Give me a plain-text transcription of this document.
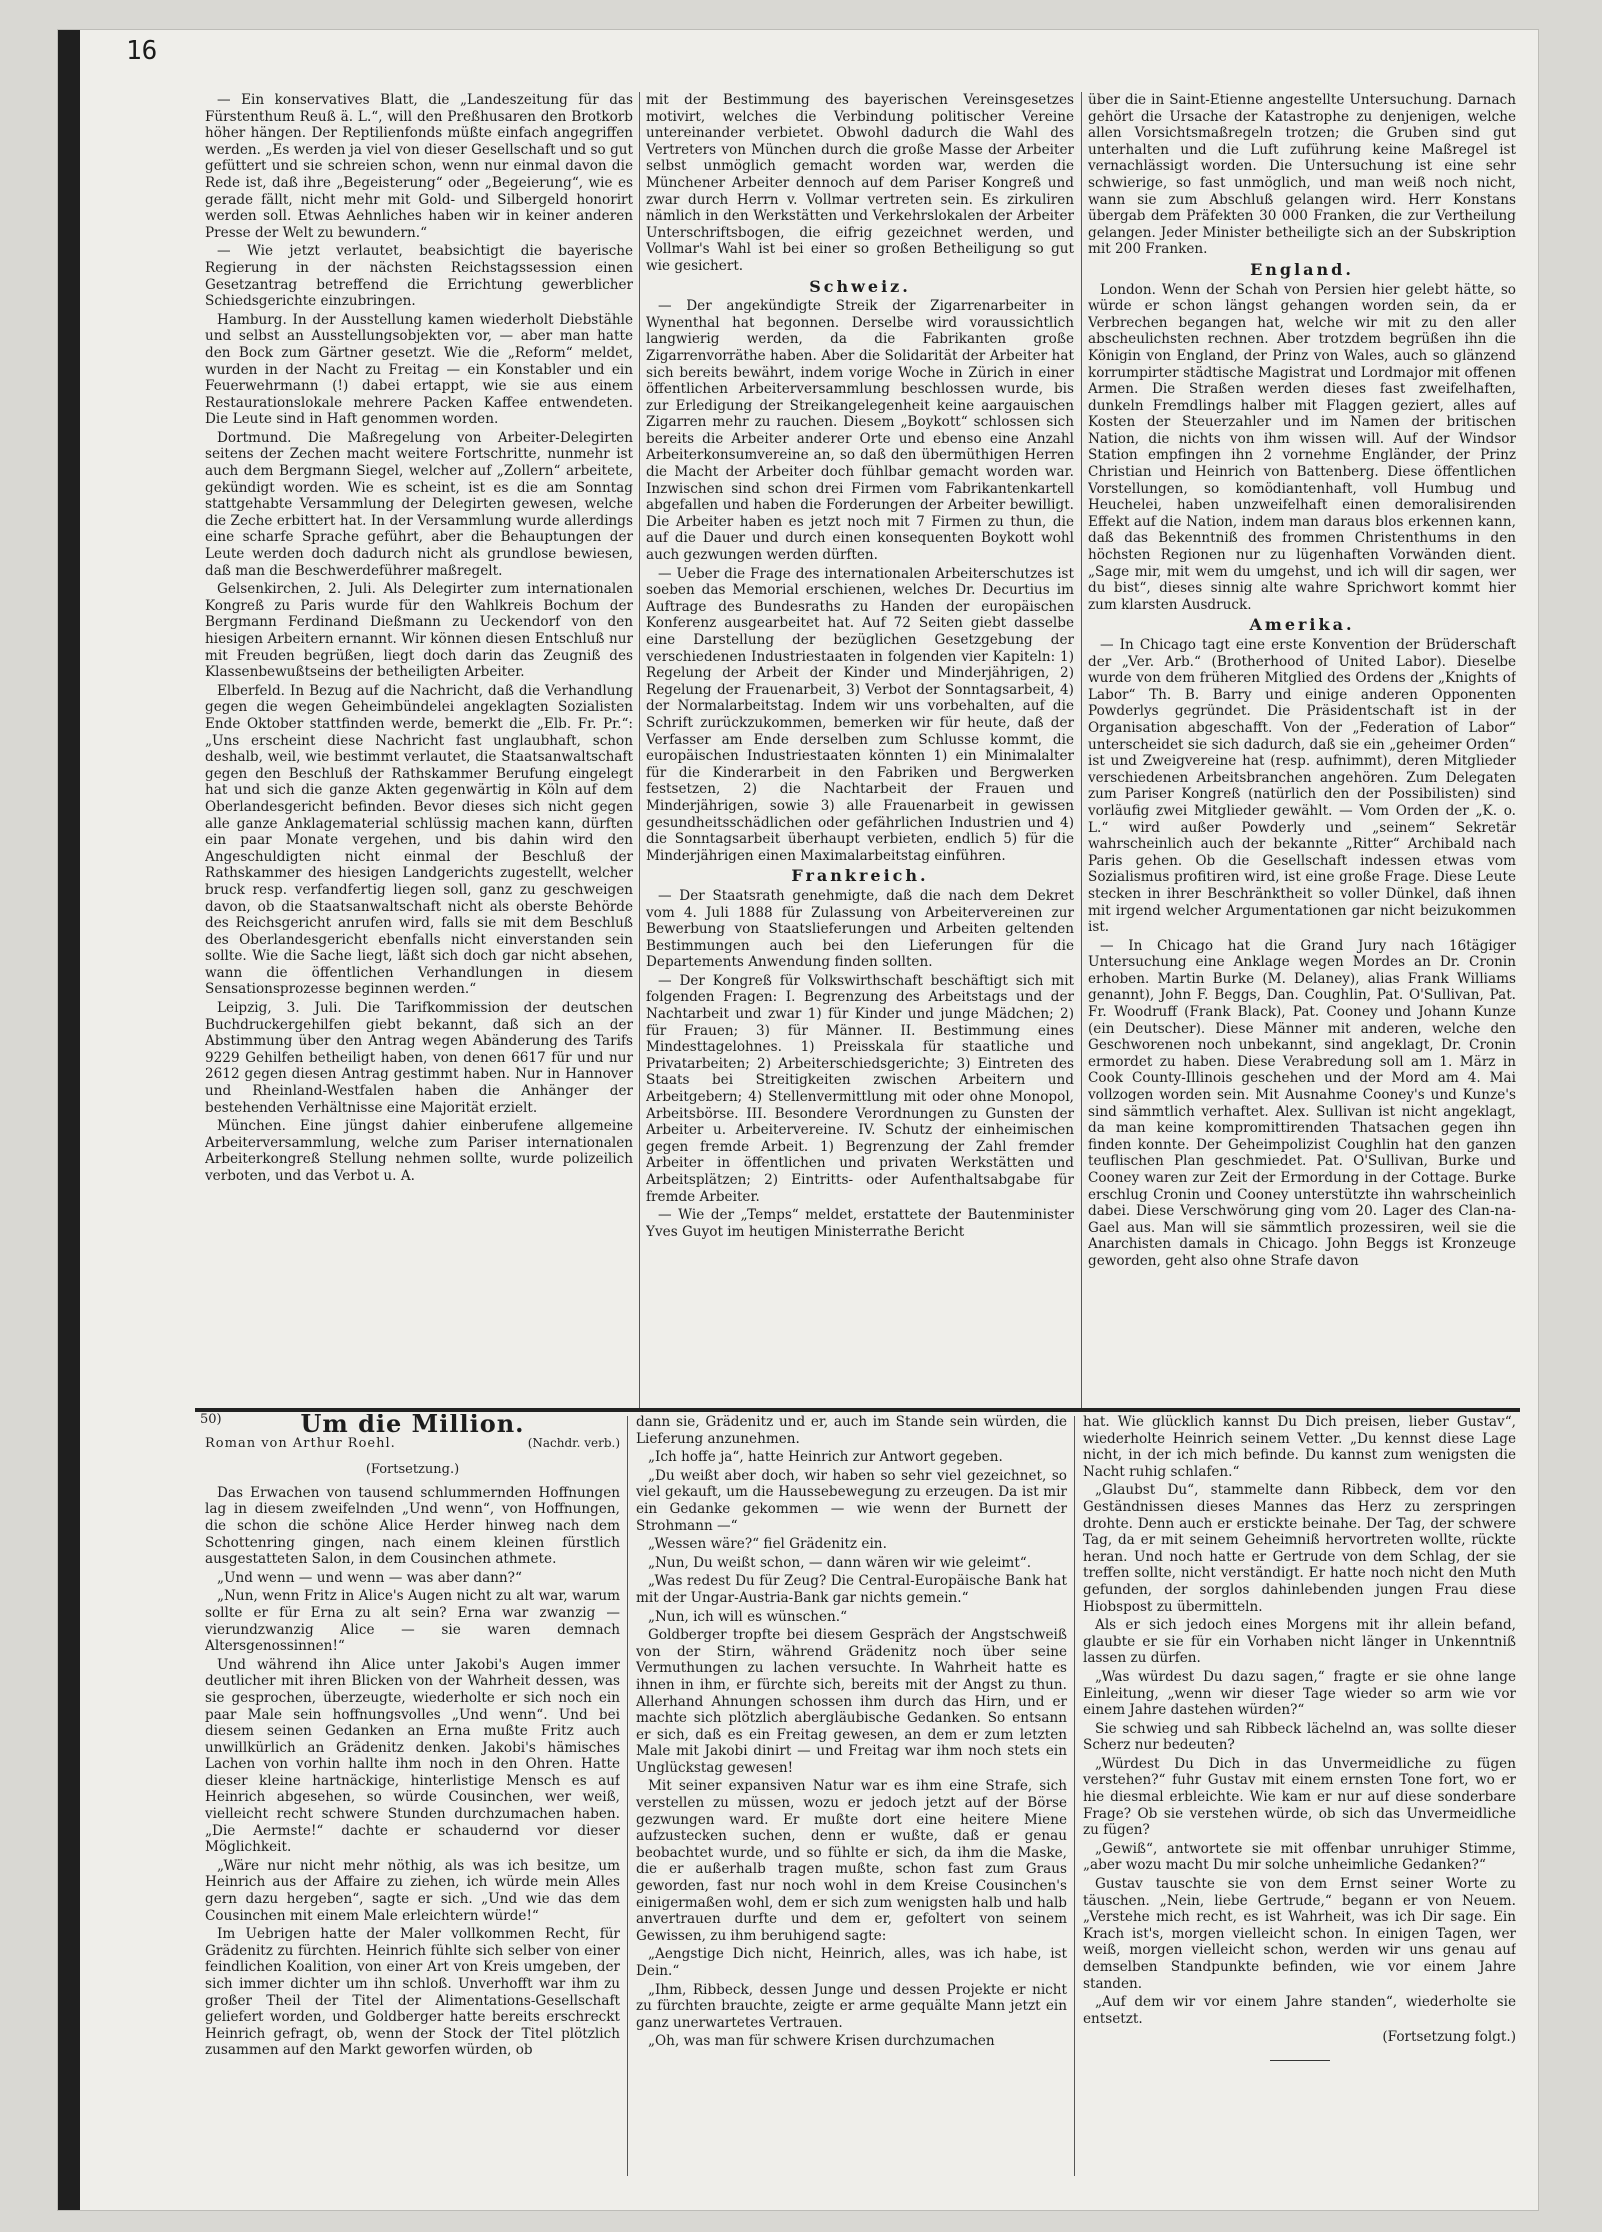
16

— Ein konservatives Blatt, die „Landeszeitung für das Fürstenthum Reuß ä. L.“, will den Preßhusaren den Brotkorb höher hängen. Der Reptilienfonds müßte einfach angegriffen werden. „Es werden ja viel von dieser Gesellschaft und so gut gefüttert und sie schreien schon, wenn nur einmal davon die Rede ist, daß ihre „Begeisterung“ oder „Begeierung“, wie es gerade fällt, nicht mehr mit Gold- und Silbergeld honorirt werden soll. Etwas Aehnliches haben wir in keiner anderen Presse der Welt zu bewundern.“

— Wie jetzt verlautet, beabsichtigt die bayerische Regierung in der nächsten Reichstagssession einen Gesetzantrag betreffend die Errichtung gewerblicher Schiedsgerichte einzubringen.

Hamburg. In der Ausstellung kamen wiederholt Diebstähle und selbst an Ausstellungsobjekten vor, — aber man hatte den Bock zum Gärtner gesetzt. Wie die „Reform“ meldet, wurden in der Nacht zu Freitag — ein Konstabler und ein Feuerwehrmann (!) dabei ertappt, wie sie aus einem Restaurationslokale mehrere Packen Kaffee entwendeten. Die Leute sind in Haft genommen worden.

Dortmund. Die Maßregelung von Arbeiter-Delegirten seitens der Zechen macht weitere Fortschritte, nunmehr ist auch dem Bergmann Siegel, welcher auf „Zollern“ arbeitete, gekündigt worden. Wie es scheint, ist es die am Sonntag stattgehabte Versammlung der Delegirten gewesen, welche die Zeche erbittert hat. In der Versammlung wurde allerdings eine scharfe Sprache geführt, aber die Behauptungen der Leute werden doch dadurch nicht als grundlose bewiesen, daß man die Beschwerdeführer maßregelt.

Gelsenkirchen, 2. Juli. Als Delegirter zum internationalen Kongreß zu Paris wurde für den Wahlkreis Bochum der Bergmann Ferdinand Dießmann zu Ueckendorf von den hiesigen Arbeitern ernannt. Wir können diesen Entschluß nur mit Freuden begrüßen, liegt doch darin das Zeugniß des Klassenbewußtseins der betheiligten Arbeiter.

Elberfeld. In Bezug auf die Nachricht, daß die Verhandlung gegen die wegen Geheimbündelei angeklagten Sozialisten Ende Oktober stattfinden werde, bemerkt die „Elb. Fr. Pr.“: „Uns erscheint diese Nachricht fast unglaubhaft, schon deshalb, weil, wie bestimmt verlautet, die Staatsanwaltschaft gegen den Beschluß der Rathskammer Berufung eingelegt hat und sich die ganze Akten gegenwärtig in Köln auf dem Oberlandesgericht befinden. Bevor dieses sich nicht gegen alle ganze Anklagematerial schlüssig machen kann, dürften ein paar Monate vergehen, und bis dahin wird den Angeschuldigten nicht einmal der Beschluß der Rathskammer des hiesigen Landgerichts zugestellt, welcher bruck resp. verfandfertig liegen soll, ganz zu geschweigen davon, ob die Staatsanwaltschaft nicht als oberste Behörde des Reichsgericht anrufen wird, falls sie mit dem Beschluß des Oberlandesgericht ebenfalls nicht einverstanden sein sollte. Wie die Sache liegt, läßt sich doch gar nicht absehen, wann die öffentlichen Verhandlungen in diesem Sensationsprozesse beginnen werden.“

Leipzig, 3. Juli. Die Tarifkommission der deutschen Buchdruckergehilfen giebt bekannt, daß sich an der Abstimmung über den Antrag wegen Abänderung des Tarifs 9229 Gehilfen betheiligt haben, von denen 6617 für und nur 2612 gegen diesen Antrag gestimmt haben. Nur in Hannover und Rheinland-Westfalen haben die Anhänger der bestehenden Verhältnisse eine Majorität erzielt.

München. Eine jüngst dahier einberufene allgemeine Arbeiterversammlung, welche zum Pariser internationalen Arbeiterkongreß Stellung nehmen sollte, wurde polizeilich verboten, und das Verbot u. A.

mit der Bestimmung des bayerischen Vereinsgesetzes motivirt, welches die Verbindung politischer Vereine untereinander verbietet. Obwohl dadurch die Wahl des Vertreters von München durch die große Masse der Arbeiter selbst unmöglich gemacht worden war, werden die Münchener Arbeiter dennoch auf dem Pariser Kongreß und zwar durch Herrn v. Vollmar vertreten sein. Es zirkuliren nämlich in den Werkstätten und Verkehrslokalen der Arbeiter Unterschriftsbogen, die eifrig gezeichnet werden, und Vollmar's Wahl ist bei einer so großen Betheiligung so gut wie gesichert.

Schweiz.

— Der angekündigte Streik der Zigarrenarbeiter in Wynenthal hat begonnen. Derselbe wird voraussichtlich langwierig werden, da die Fabrikanten große Zigarrenvorräthe haben. Aber die Solidarität der Arbeiter hat sich bereits bewährt, indem vorige Woche in Zürich in einer öffentlichen Arbeiterversammlung beschlossen wurde, bis zur Erledigung der Streikangelegenheit keine aargauischen Zigarren mehr zu rauchen. Diesem „Boykott“ schlossen sich bereits die Arbeiter anderer Orte und ebenso eine Anzahl Arbeiterkonsumvereine an, so daß den übermüthigen Herren die Macht der Arbeiter doch fühlbar gemacht worden war. Inzwischen sind schon drei Firmen vom Fabrikantenkartell abgefallen und haben die Forderungen der Arbeiter bewilligt. Die Arbeiter haben es jetzt noch mit 7 Firmen zu thun, die auf die Dauer und durch einen konsequenten Boykott wohl auch gezwungen werden dürften.

— Ueber die Frage des internationalen Arbeiterschutzes ist soeben das Memorial erschienen, welches Dr. Decurtius im Auftrage des Bundesraths zu Handen der europäischen Konferenz ausgearbeitet hat. Auf 72 Seiten giebt dasselbe eine Darstellung der bezüglichen Gesetzgebung der verschiedenen Industriestaaten in folgenden vier Kapiteln: 1) Regelung der Arbeit der Kinder und Minderjährigen, 2) Regelung der Frauenarbeit, 3) Verbot der Sonntagsarbeit, 4) der Normalarbeitstag. Indem wir uns vorbehalten, auf die Schrift zurückzukommen, bemerken wir für heute, daß der Verfasser am Ende derselben zum Schlusse kommt, die europäischen Industriestaaten könnten 1) ein Minimalalter für die Kinderarbeit in den Fabriken und Bergwerken festsetzen, 2) die Nachtarbeit der Frauen und Minderjährigen, sowie 3) alle Frauenarbeit in gewissen gesundheitsschädlichen oder gefährlichen Industrien und 4) die Sonntagsarbeit überhaupt verbieten, endlich 5) für die Minderjährigen einen Maximalarbeitstag einführen.

Frankreich.

— Der Staatsrath genehmigte, daß die nach dem Dekret vom 4. Juli 1888 für Zulassung von Arbeitervereinen zur Bewerbung von Staatslieferungen und Arbeiten geltenden Bestimmungen auch bei den Lieferungen für die Departements Anwendung finden sollten.

— Der Kongreß für Volkswirthschaft beschäftigt sich mit folgenden Fragen: I. Begrenzung des Arbeitstags und der Nachtarbeit und zwar 1) für Kinder und junge Mädchen; 2) für Frauen; 3) für Männer. II. Bestimmung eines Mindesttagelohnes. 1) Preisskala für staatliche und Privatarbeiten; 2) Arbeiterschiedsgerichte; 3) Eintreten des Staats bei Streitigkeiten zwischen Arbeitern und Arbeitgebern; 4) Stellenvermittlung mit oder ohne Monopol, Arbeitsbörse. III. Besondere Verordnungen zu Gunsten der Arbeiter u. Arbeitervereine. IV. Schutz der einheimischen gegen fremde Arbeit. 1) Begrenzung der Zahl fremder Arbeiter in öffentlichen und privaten Werkstätten und Arbeitsplätzen; 2) Eintritts- oder Aufenthaltsabgabe für fremde Arbeiter.

— Wie der „Temps“ meldet, erstattete der Bautenminister Yves Guyot im heutigen Ministerrathe Bericht

über die in Saint-Etienne angestellte Untersuchung. Darnach gehört die Ursache der Katastrophe zu denjenigen, welche allen Vorsichtsmaßregeln trotzen; die Gruben sind gut unterhalten und die Luft zuführung keine Maßregel ist vernachlässigt worden. Die Untersuchung ist eine sehr schwierige, so fast unmöglich, und man weiß noch nicht, wann sie zum Abschluß gelangen wird. Herr Konstans übergab dem Präfekten 30 000 Franken, die zur Vertheilung gelangen. Jeder Minister betheiligte sich an der Subskription mit 200 Franken.

England.

London. Wenn der Schah von Persien hier gelebt hätte, so würde er schon längst gehangen worden sein, da er Verbrechen begangen hat, welche wir mit zu den aller abscheulichsten rechnen. Aber trotzdem begrüßen ihn die Königin von England, der Prinz von Wales, auch so glänzend korrumpirter städtische Magistrat und Lordmajor mit offenen Armen. Die Straßen werden dieses fast zweifelhaften, dunkeln Fremdlings halber mit Flaggen geziert, alles auf Kosten der Steuerzahler und im Namen der britischen Nation, die nichts von ihm wissen will. Auf der Windsor Station empfingen ihn 2 vornehme Engländer, der Prinz Christian und Heinrich von Battenberg. Diese öffentlichen Vorstellungen, so komödiantenhaft, voll Humbug und Heuchelei, haben unzweifelhaft einen demoralisirenden Effekt auf die Nation, indem man daraus blos erkennen kann, daß das Bekenntniß des frommen Christenthums in den höchsten Regionen nur zu lügenhaften Vorwänden dient. „Sage mir, mit wem du umgehst, und ich will dir sagen, wer du bist“, dieses sinnig alte wahre Sprichwort kommt hier zum klarsten Ausdruck.

Amerika.

— In Chicago tagt eine erste Konvention der Brüderschaft der „Ver. Arb.“ (Brotherhood of United Labor). Dieselbe wurde von dem früheren Mitglied des Ordens der „Knights of Labor“ Th. B. Barry und einige anderen Opponenten Powderlys gegründet. Die Präsidentschaft ist in der Organisation abgeschafft. Von der „Federation of Labor“ unterscheidet sie sich dadurch, daß sie ein „geheimer Orden“ ist und Zweigvereine hat (resp. aufnimmt), deren Mitglieder verschiedenen Arbeitsbranchen angehören. Zum Delegaten zum Pariser Kongreß (natürlich den der Possibilisten) sind vorläufig zwei Mitglieder gewählt. — Vom Orden der „K. o. L.“ wird außer Powderly und „seinem“ Sekretär wahrscheinlich auch der bekannte „Ritter“ Archibald nach Paris gehen. Ob die Gesellschaft indessen etwas vom Sozialismus profitiren wird, ist eine große Frage. Diese Leute stecken in ihrer Beschränktheit so voller Dünkel, daß ihnen mit irgend welcher Argumentationen gar nicht beizukommen ist.

— In Chicago hat die Grand Jury nach 16tägiger Untersuchung eine Anklage wegen Mordes an Dr. Cronin erhoben. Martin Burke (M. Delaney), alias Frank Williams genannt), John F. Beggs, Dan. Coughlin, Pat. O'Sullivan, Pat. Fr. Woodruff (Frank Black), Pat. Cooney und Johann Kunze (ein Deutscher). Diese Männer mit anderen, welche den Geschworenen noch unbekannt, sind angeklagt, Dr. Cronin ermordet zu haben. Diese Verabredung soll am 1. März in Cook County-Illinois geschehen und der Mord am 4. Mai vollzogen worden sein. Mit Ausnahme Cooney's und Kunze's sind sämmtlich verhaftet. Alex. Sullivan ist nicht angeklagt, da man keine kompromittirenden Thatsachen gegen ihn finden konnte. Der Geheimpolizist Coughlin hat den ganzen teuflischen Plan geschmiedet. Pat. O'Sullivan, Burke und Cooney waren zur Zeit der Ermordung in der Cottage. Burke erschlug Cronin und Cooney unterstützte ihn wahrscheinlich dabei. Diese Verschwörung ging vom 20. Lager des Clan-na-Gael aus. Man will sie sämmtlich prozessiren, weil sie die Anarchisten damals in Chicago. John Beggs ist Kronzeuge geworden, geht also ohne Strafe davon

50)	Um die Million.
Roman von Arthur Roehl.	(Nachdr. verb.)
(Fortsetzung.)

Das Erwachen von tausend schlummernden Hoffnungen lag in diesem zweifelnden „Und wenn“, von Hoffnungen, die schon die schöne Alice Herder hinweg nach dem Schottenring gingen, nach einem kleinen fürstlich ausgestatteten Salon, in dem Cousinchen athmete.

„Und wenn — und wenn — was aber dann?“

„Nun, wenn Fritz in Alice's Augen nicht zu alt war, warum sollte er für Erna zu alt sein? Erna war zwanzig — vierundzwanzig Alice — sie waren demnach Altersgenossinnen!“

Und während ihn Alice unter Jakobi's Augen immer deutlicher mit ihren Blicken von der Wahrheit dessen, was sie gesprochen, überzeugte, wiederholte er sich noch ein paar Male sein hoffnungsvolles „Und wenn“. Und bei diesem seinen Gedanken an Erna mußte Fritz auch unwillkürlich an Grädenitz denken. Jakobi's hämisches Lachen von vorhin hallte ihm noch in den Ohren. Hatte dieser kleine hartnäckige, hinterlistige Mensch es auf Heinrich abgesehen, so würde Cousinchen, wer weiß, vielleicht recht schwere Stunden durchzumachen haben. „Die Aermste!“ dachte er schaudernd vor dieser Möglichkeit.

„Wäre nur nicht mehr nöthig, als was ich besitze, um Heinrich aus der Affaire zu ziehen, ich würde mein Alles gern dazu hergeben“, sagte er sich. „Und wie das dem Cousinchen mit einem Male erleichtern würde!“

Im Uebrigen hatte der Maler vollkommen Recht, für Grädenitz zu fürchten. Heinrich fühlte sich selber von einer feindlichen Koalition, von einer Art von Kreis umgeben, der sich immer dichter um ihn schloß. Unverhofft war ihm zu großer Theil der Titel der Alimentations-Gesellschaft geliefert worden, und Goldberger hatte bereits erschreckt Heinrich gefragt, ob, wenn der Stock der Titel plötzlich zusammen auf den Markt geworfen würden, ob

dann sie, Grädenitz und er, auch im Stande sein würden, die Lieferung anzunehmen.

„Ich hoffe ja“, hatte Heinrich zur Antwort gegeben.

„Du weißt aber doch, wir haben so sehr viel gezeichnet, so viel gekauft, um die Haussebewegung zu erzeugen. Da ist mir ein Gedanke gekommen — wie wenn der Burnett der Strohmann —“

„Wessen wäre?“ fiel Grädenitz ein.

„Nun, Du weißt schon, — dann wären wir wie geleimt“.

„Was redest Du für Zeug? Die Central-Europäische Bank hat mit der Ungar-Austria-Bank gar nichts gemein.“

„Nun, ich will es wünschen.“

Goldberger tropfte bei diesem Gespräch der Angstschweiß von der Stirn, während Grädenitz noch über seine Vermuthungen zu lachen versuchte. In Wahrheit hatte es ihnen in ihm, er fürchte sich, bereits mit der Angst zu thun. Allerhand Ahnungen schossen ihm durch das Hirn, und er machte sich plötzlich abergläubische Gedanken. So entsann er sich, daß es ein Freitag gewesen, an dem er zum letzten Male mit Jakobi dinirt — und Freitag war ihm noch stets ein Unglückstag gewesen!

Mit seiner expansiven Natur war es ihm eine Strafe, sich verstellen zu müssen, wozu er jedoch jetzt auf der Börse gezwungen ward. Er mußte dort eine heitere Miene aufzustecken suchen, denn er wußte, daß er genau beobachtet wurde, und so fühlte er sich, da ihm die Maske, die er außerhalb tragen mußte, schon fast zum Graus geworden, fast nur noch wohl in dem Kreise Cousinchen's einigermaßen wohl, dem er sich zum wenigsten halb und halb anvertrauen durfte und dem er, gefoltert von seinem Gewissen, zu ihm beruhigend sagte:

„Aengstige Dich nicht, Heinrich, alles, was ich habe, ist Dein.“

„Ihm, Ribbeck, dessen Junge und dessen Projekte er nicht zu fürchten brauchte, zeigte er arme gequälte Mann jetzt ein ganz unerwartetes Vertrauen.

„Oh, was man für schwere Krisen durchzumachen

hat. Wie glücklich kannst Du Dich preisen, lieber Gustav“, wiederholte Heinrich seinem Vetter. „Du kennst diese Lage nicht, in der ich mich befinde. Du kannst zum wenigsten die Nacht ruhig schlafen.“

„Glaubst Du“, stammelte dann Ribbeck, dem vor den Geständnissen dieses Mannes das Herz zu zerspringen drohte. Denn auch er erstickte beinahe. Der Tag, der schwere Tag, da er mit seinem Geheimniß hervortreten wollte, rückte heran. Und noch hatte er Gertrude von dem Schlag, der sie treffen sollte, nicht verständigt. Er hatte noch nicht den Muth gefunden, der sorglos dahinlebenden jungen Frau diese Hiobspost zu übermitteln.

Als er sich jedoch eines Morgens mit ihr allein befand, glaubte er sie für ein Vorhaben nicht länger in Unkenntniß lassen zu dürfen.

„Was würdest Du dazu sagen,“ fragte er sie ohne lange Einleitung, „wenn wir dieser Tage wieder so arm wie vor einem Jahre dastehen würden?“

Sie schwieg und sah Ribbeck lächelnd an, was sollte dieser Scherz nur bedeuten?

„Würdest Du Dich in das Unvermeidliche zu fügen verstehen?“ fuhr Gustav mit einem ernsten Tone fort, wo er hie diesmal erbleichte. Wie kam er nur auf diese sonderbare Frage? Ob sie verstehen würde, ob sich das Unvermeidliche zu fügen?

„Gewiß“, antwortete sie mit offenbar unruhiger Stimme, „aber wozu macht Du mir solche unheimliche Gedanken?“

Gustav tauschte sie von dem Ernst seiner Worte zu täuschen. „Nein, liebe Gertrude,“ begann er von Neuem. „Verstehe mich recht, es ist Wahrheit, was ich Dir sage. Ein Krach ist's, morgen vielleicht schon. In einigen Tagen, wer weiß, morgen vielleicht schon, werden wir uns genau auf demselben Standpunkte befinden, wie vor einem Jahre standen.

„Auf dem wir vor einem Jahre standen“, wiederholte sie entsetzt.

(Fortsetzung folgt.)
